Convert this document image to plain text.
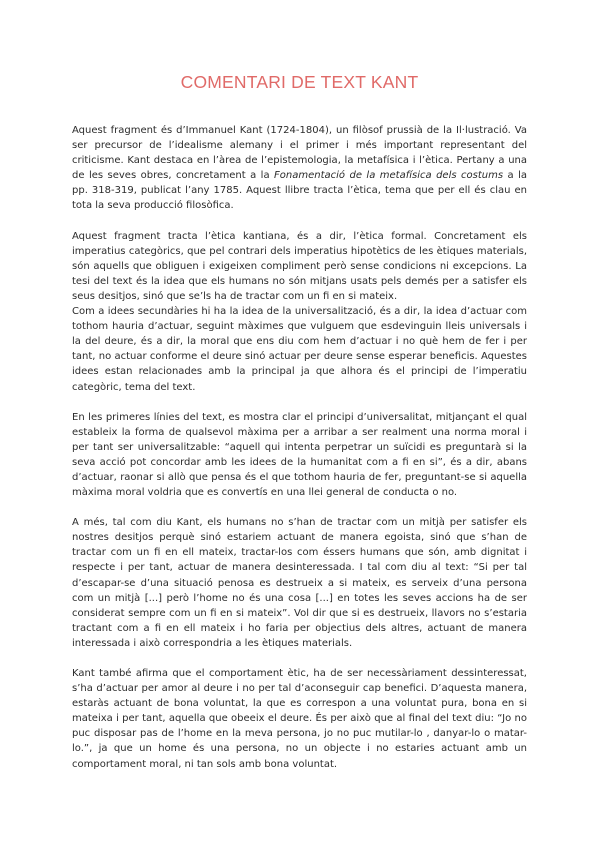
COMENTARI DE TEXT KANT

Aquest fragment és d’Immanuel Kant (1724-1804), un filòsof prussià de la Il·lustració. Va ser precursor de l’idealisme alemany i el primer i més important representant del criticisme. Kant destaca en l’àrea de l’epistemologia, la metafísica i l’ètica. Pertany a una de les seves obres, concretament a la Fonamentació de la metafísica dels costums a la pp. 318-319, publicat l’any 1785. Aquest llibre tracta l’ètica, tema que per ell és clau en tota la seva producció filosòfica.

Aquest fragment tracta l’ètica kantiana, és a dir, l’ètica formal. Concretament els imperatius categòrics, que pel contrari dels imperatius hipotètics de les ètiques materials, són aquells que obliguen i exigeixen compliment però sense condicions ni excepcions. La tesi del text és la idea que els humans no són mitjans usats pels demés per a satisfer els seus desitjos, sinó que se’ls ha de tractar com un fi en si mateix.

Com a idees secundàries hi ha la idea de la universalització, és a dir, la idea d’actuar com tothom hauria d’actuar, seguint màximes que vulguem que esdevinguin lleis universals i la del deure, és a dir, la moral que ens diu com hem d’actuar i no què hem de fer i per tant, no actuar conforme el deure sinó actuar per deure sense esperar beneficis. Aquestes idees estan relacionades amb la principal ja que alhora és el principi de l’imperatiu categòric, tema del text.

En les primeres línies del text, es mostra clar el principi d’universalitat, mitjançant el qual estableix la forma de qualsevol màxima per a arribar a ser realment una norma moral i per tant ser universalitzable: “aquell qui intenta perpetrar un suïcidi es preguntarà si la seva acció pot concordar amb les idees de la humanitat com a fi en si”, és a dir, abans d’actuar, raonar si allò que pensa és el que tothom hauria de fer, preguntant-se si aquella màxima moral voldria que es convertís en una llei general de conducta o no.

A més, tal com diu Kant, els humans no s’han de tractar com un mitjà per satisfer els nostres desitjos perquè sinó estariem actuant de manera egoista, sinó que s’han de tractar com un fi en ell mateix, tractar-los com éssers humans que són, amb dignitat i respecte i per tant, actuar de manera desinteressada. I tal com diu al text: “Si per tal d’escapar-se d’una situació penosa es destrueix a si mateix, es serveix d’una persona com un mitjà [...] però l’home no és una cosa [...] en totes les seves accions ha de ser considerat sempre com un fi en si mateix”. Vol dir que si es destrueix, llavors no s’estaria tractant com a fi en ell mateix i ho faria per objectius dels altres, actuant de manera interessada i això correspondria a les ètiques materials.

Kant també afirma que el comportament ètic, ha de ser necessàriament dessinteressat, s’ha d’actuar per amor al deure i no per tal d’aconseguir cap benefici. D’aquesta manera, estaràs actuant de bona voluntat, la que es correspon a una voluntat pura, bona en si mateixa i per tant, aquella que obeeix el deure. És per això que al final del text diu: “Jo no puc disposar pas de l’home en la meva persona, jo no puc mutilar-lo , danyar-lo o matar-lo.”, ja que un home és una persona, no un objecte i no estaries actuant amb un comportament moral, ni tan sols amb bona voluntat.
